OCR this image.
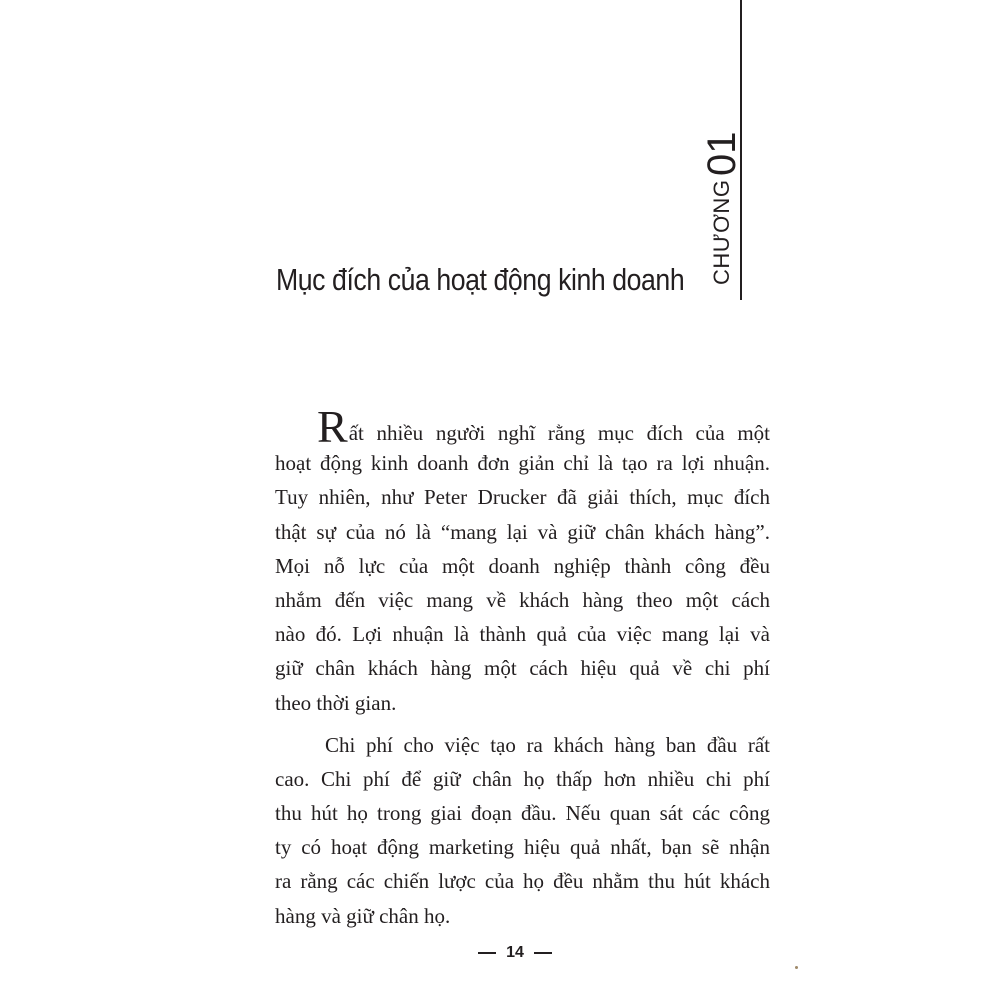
CHƯƠNG
01
Mục đích của hoạt động kinh doanh

Rất nhiều người nghĩ rằng mục đích của một
hoạt động kinh doanh đơn giản chỉ là tạo ra lợi nhuận.
Tuy nhiên, như Peter Drucker đã giải thích, mục đích
thật sự của nó là “mang lại và giữ chân khách hàng”.
Mọi nỗ lực của một doanh nghiệp thành công đều
nhắm đến việc mang về khách hàng theo một cách
nào đó. Lợi nhuận là thành quả của việc mang lại và
giữ chân khách hàng một cách hiệu quả về chi phí
theo thời gian.

Chi phí cho việc tạo ra khách hàng ban đầu rất
cao. Chi phí để giữ chân họ thấp hơn nhiều chi phí
thu hút họ trong giai đoạn đầu. Nếu quan sát các công
ty có hoạt động marketing hiệu quả nhất, bạn sẽ nhận
ra rằng các chiến lược của họ đều nhằm thu hút khách
hàng và giữ chân họ.

14
